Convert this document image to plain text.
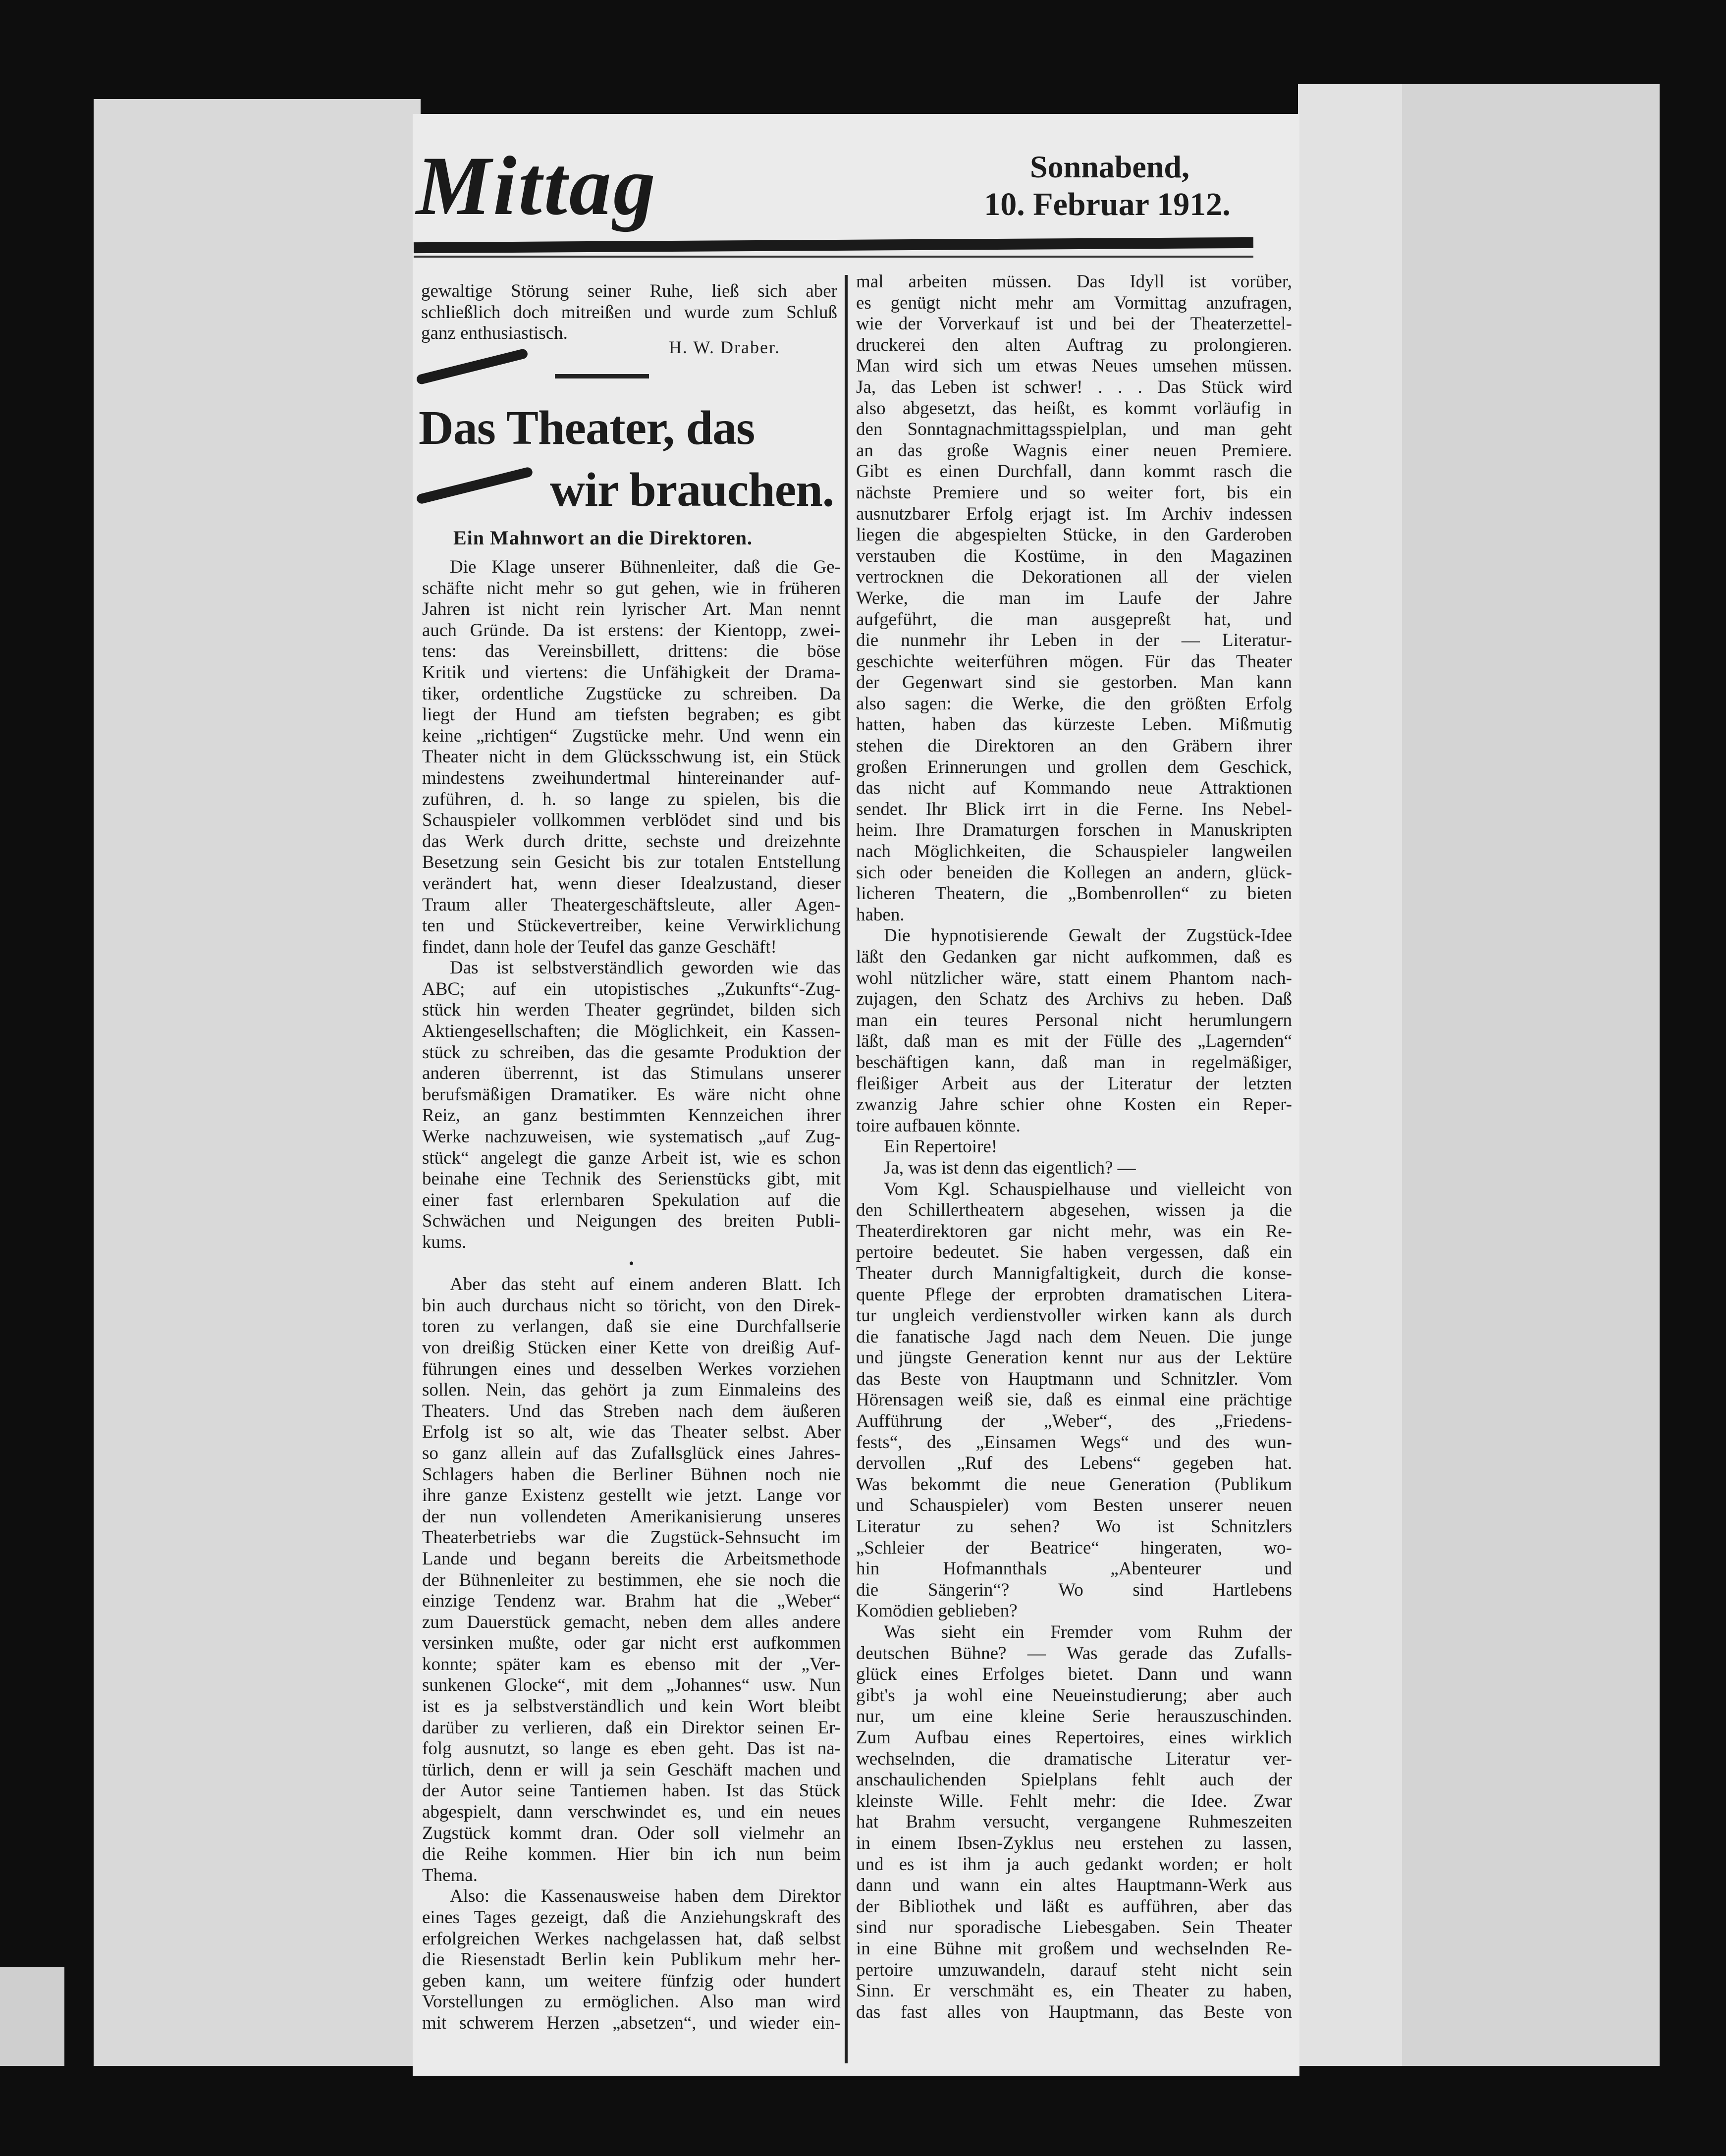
Mittag	Sonnabend,
10. Februar 1912.
gewaltige Störung seiner Ruhe, ließ sich aber
schließlich doch mitreißen und wurde zum Schluß
ganz enthusiastisch.
H. W. Draber.
Das Theater, das
wir brauchen.
Ein Mahnwort an die Direktoren.
Die Klage unserer Bühnenleiter, daß die Ge-
schäfte nicht mehr so gut gehen, wie in früheren
Jahren ist nicht rein lyrischer Art. Man nennt
auch Gründe. Da ist erstens: der Kientopp, zwei-
tens: das Vereinsbillett, drittens: die böse
Kritik und viertens: die Unfähigkeit der Drama-
tiker, ordentliche Zugstücke zu schreiben. Da
liegt der Hund am tiefsten begraben; es gibt
keine „richtigen“ Zugstücke mehr. Und wenn ein
Theater nicht in dem Glücksschwung ist, ein Stück
mindestens zweihundertmal hintereinander auf-
zuführen, d. h. so lange zu spielen, bis die
Schauspieler vollkommen verblödet sind und bis
das Werk durch dritte, sechste und dreizehnte
Besetzung sein Gesicht bis zur totalen Entstellung
verändert hat, wenn dieser Idealzustand, dieser
Traum aller Theatergeschäftsleute, aller Agen-
ten und Stückevertreiber, keine Verwirklichung
findet, dann hole der Teufel das ganze Geschäft!
Das ist selbstverständlich geworden wie das
ABC; auf ein utopistisches „Zukunfts“-Zug-
stück hin werden Theater gegründet, bilden sich
Aktiengesellschaften; die Möglichkeit, ein Kassen-
stück zu schreiben, das die gesamte Produktion der
anderen überrennt, ist das Stimulans unserer
berufsmäßigen Dramatiker. Es wäre nicht ohne
Reiz, an ganz bestimmten Kennzeichen ihrer
Werke nachzuweisen, wie systematisch „auf Zug-
stück“ angelegt die ganze Arbeit ist, wie es schon
beinahe eine Technik des Serienstücks gibt, mit
einer fast erlernbaren Spekulation auf die
Schwächen und Neigungen des breiten Publi-
kums.
•
Aber das steht auf einem anderen Blatt. Ich
bin auch durchaus nicht so töricht, von den Direk-
toren zu verlangen, daß sie eine Durchfallserie
von dreißig Stücken einer Kette von dreißig Auf-
führungen eines und desselben Werkes vorziehen
sollen. Nein, das gehört ja zum Einmaleins des
Theaters. Und das Streben nach dem äußeren
Erfolg ist so alt, wie das Theater selbst. Aber
so ganz allein auf das Zufallsglück eines Jahres-
Schlagers haben die Berliner Bühnen noch nie
ihre ganze Existenz gestellt wie jetzt. Lange vor
der nun vollendeten Amerikanisierung unseres
Theaterbetriebs war die Zugstück-Sehnsucht im
Lande und begann bereits die Arbeitsmethode
der Bühnenleiter zu bestimmen, ehe sie noch die
einzige Tendenz war. Brahm hat die „Weber“
zum Dauerstück gemacht, neben dem alles andere
versinken mußte, oder gar nicht erst aufkommen
konnte; später kam es ebenso mit der „Ver-
sunkenen Glocke“, mit dem „Johannes“ usw. Nun
ist es ja selbstverständlich und kein Wort bleibt
darüber zu verlieren, daß ein Direktor seinen Er-
folg ausnutzt, so lange es eben geht. Das ist na-
türlich, denn er will ja sein Geschäft machen und
der Autor seine Tantiemen haben. Ist das Stück
abgespielt, dann verschwindet es, und ein neues
Zugstück kommt dran. Oder soll vielmehr an
die Reihe kommen. Hier bin ich nun beim
Thema.
Also: die Kassenausweise haben dem Direktor
eines Tages gezeigt, daß die Anziehungskraft des
erfolgreichen Werkes nachgelassen hat, daß selbst
die Riesenstadt Berlin kein Publikum mehr her-
geben kann, um weitere fünfzig oder hundert
Vorstellungen zu ermöglichen. Also man wird
mit schwerem Herzen „absetzen“, und wieder ein-
mal arbeiten müssen. Das Idyll ist vorüber,
es genügt nicht mehr am Vormittag anzufragen,
wie der Vorverkauf ist und bei der Theaterzettel-
druckerei den alten Auftrag zu prolongieren.
Man wird sich um etwas Neues umsehen müssen.
Ja, das Leben ist schwer! . . . Das Stück wird
also abgesetzt, das heißt, es kommt vorläufig in
den Sonntagnachmittagsspielplan, und man geht
an das große Wagnis einer neuen Premiere.
Gibt es einen Durchfall, dann kommt rasch die
nächste Premiere und so weiter fort, bis ein
ausnutzbarer Erfolg erjagt ist. Im Archiv indessen
liegen die abgespielten Stücke, in den Garderoben
verstauben die Kostüme, in den Magazinen
vertrocknen die Dekorationen all der vielen
Werke, die man im Laufe der Jahre
aufgeführt, die man ausgepreßt hat, und
die nunmehr ihr Leben in der — Literatur-
geschichte weiterführen mögen. Für das Theater
der Gegenwart sind sie gestorben. Man kann
also sagen: die Werke, die den größten Erfolg
hatten, haben das kürzeste Leben. Mißmutig
stehen die Direktoren an den Gräbern ihrer
großen Erinnerungen und grollen dem Geschick,
das nicht auf Kommando neue Attraktionen
sendet. Ihr Blick irrt in die Ferne. Ins Nebel-
heim. Ihre Dramaturgen forschen in Manuskripten
nach Möglichkeiten, die Schauspieler langweilen
sich oder beneiden die Kollegen an andern, glück-
licheren Theatern, die „Bombenrollen“ zu bieten
haben.
Die hypnotisierende Gewalt der Zugstück-Idee
läßt den Gedanken gar nicht aufkommen, daß es
wohl nützlicher wäre, statt einem Phantom nach-
zujagen, den Schatz des Archivs zu heben. Daß
man ein teures Personal nicht herumlungern
läßt, daß man es mit der Fülle des „Lagernden“
beschäftigen kann, daß man in regelmäßiger,
fleißiger Arbeit aus der Literatur der letzten
zwanzig Jahre schier ohne Kosten ein Reper-
toire aufbauen könnte.
Ein Repertoire!
Ja, was ist denn das eigentlich? —
Vom Kgl. Schauspielhause und vielleicht von
den Schillertheatern abgesehen, wissen ja die
Theaterdirektoren gar nicht mehr, was ein Re-
pertoire bedeutet. Sie haben vergessen, daß ein
Theater durch Mannigfaltigkeit, durch die konse-
quente Pflege der erprobten dramatischen Litera-
tur ungleich verdienstvoller wirken kann als durch
die fanatische Jagd nach dem Neuen. Die junge
und jüngste Generation kennt nur aus der Lektüre
das Beste von Hauptmann und Schnitzler. Vom
Hörensagen weiß sie, daß es einmal eine prächtige
Aufführung der „Weber“, des „Friedens-
fests“, des „Einsamen Wegs“ und des wun-
dervollen „Ruf des Lebens“ gegeben hat.
Was bekommt die neue Generation (Publikum
und Schauspieler) vom Besten unserer neuen
Literatur zu sehen? Wo ist Schnitzlers
„Schleier der Beatrice“ hingeraten, wo-
hin Hofmannthals „Abenteurer und
die Sängerin“? Wo sind Hartlebens
Komödien geblieben?
Was sieht ein Fremder vom Ruhm der
deutschen Bühne? — Was gerade das Zufalls-
glück eines Erfolges bietet. Dann und wann
gibt's ja wohl eine Neueinstudierung; aber auch
nur, um eine kleine Serie herauszuschinden.
Zum Aufbau eines Repertoires, eines wirklich
wechselnden, die dramatische Literatur ver-
anschaulichenden Spielplans fehlt auch der
kleinste Wille. Fehlt mehr: die Idee. Zwar
hat Brahm versucht, vergangene Ruhmeszeiten
in einem Ibsen-Zyklus neu erstehen zu lassen,
und es ist ihm ja auch gedankt worden; er holt
dann und wann ein altes Hauptmann-Werk aus
der Bibliothek und läßt es aufführen, aber das
sind nur sporadische Liebesgaben. Sein Theater
in eine Bühne mit großem und wechselnden Re-
pertoire umzuwandeln, darauf steht nicht sein
Sinn. Er verschmäht es, ein Theater zu haben,
das fast alles von Hauptmann, das Beste von
